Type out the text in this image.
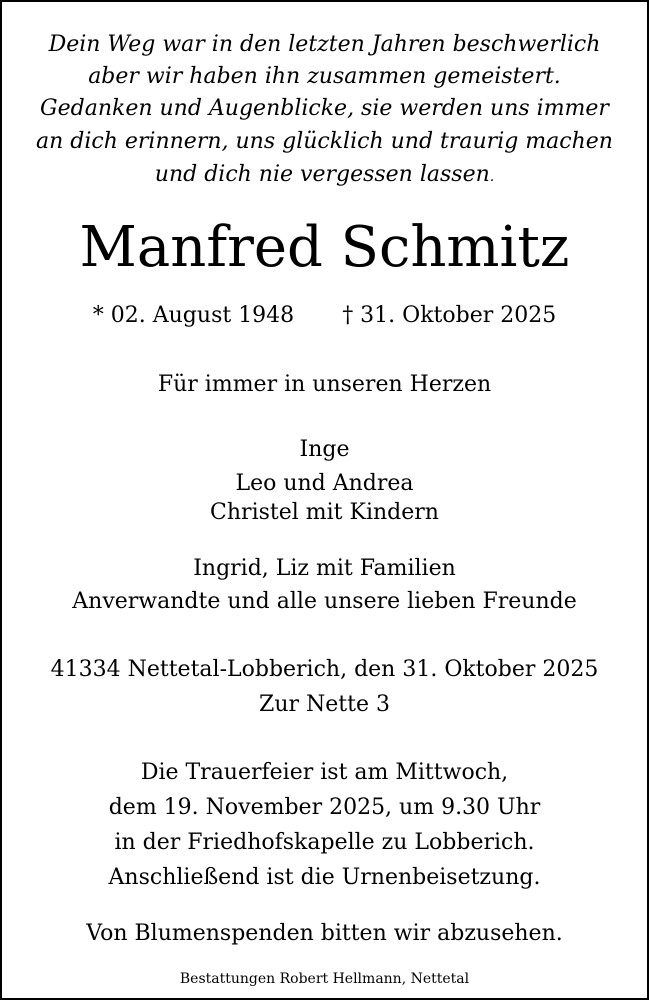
Dein Weg war in den letzten Jahren beschwerlich
aber wir haben ihn zusammen gemeistert.
Gedanken und Augenblicke, sie werden uns immer
an dich erinnern, uns glücklich und traurig machen
und dich nie vergessen lassen.
Manfred Schmitz
* 02. August 1948 † 31. Oktober 2025
Für immer in unseren Herzen
Inge
Leo und Andrea
Christel mit Kindern
Ingrid, Liz mit Familien
Anverwandte und alle unsere lieben Freunde
41334 Nettetal-Lobberich, den 31. Oktober 2025
Zur Nette 3
Die Trauerfeier ist am Mittwoch,
dem 19. November 2025, um 9.30 Uhr
in der Friedhofskapelle zu Lobberich.
Anschließend ist die Urnenbeisetzung.
Von Blumenspenden bitten wir abzusehen.
Bestattungen Robert Hellmann, Nettetal
